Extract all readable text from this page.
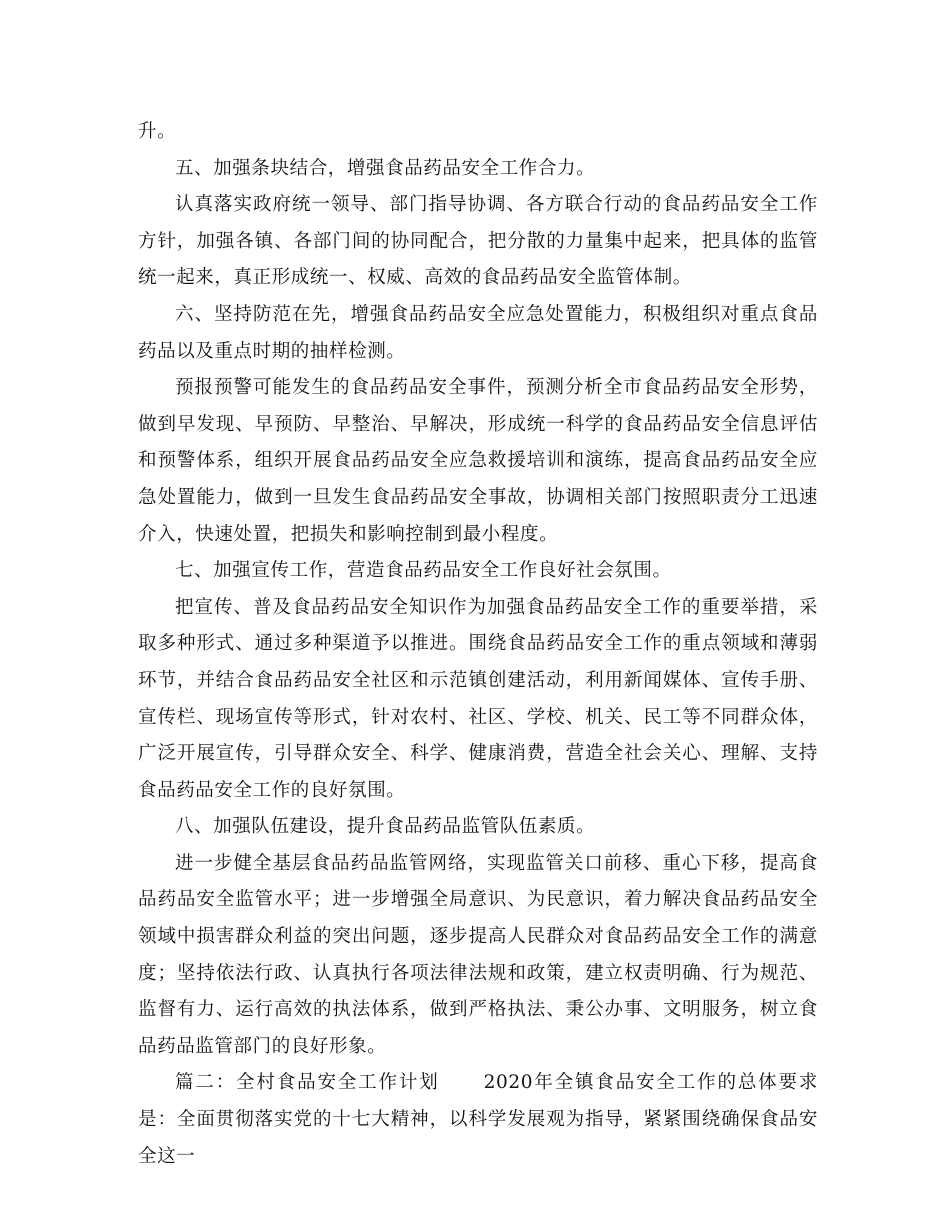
升。

五、加强条块结合，增强食品药品安全工作合力。

认真落实政府统一领导、部门指导协调、各方联合行动的食品药品安全工作方针，加强各镇、各部门间的协同配合，把分散的力量集中起来，把具体的监管统一起来，真正形成统一、权威、高效的食品药品安全监管体制。

六、坚持防范在先，增强食品药品安全应急处置能力，积极组织对重点食品药品以及重点时期的抽样检测。

预报预警可能发生的食品药品安全事件，预测分析全市食品药品安全形势，做到早发现、早预防、早整治、早解决，形成统一科学的食品药品安全信息评估和预警体系，组织开展食品药品安全应急救援培训和演练，提高食品药品安全应急处置能力，做到一旦发生食品药品安全事故，协调相关部门按照职责分工迅速介入，快速处置，把损失和影响控制到最小程度。

七、加强宣传工作，营造食品药品安全工作良好社会氛围。

把宣传、普及食品药品安全知识作为加强食品药品安全工作的重要举措，采取多种形式、通过多种渠道予以推进。围绕食品药品安全工作的重点领域和薄弱环节，并结合食品药品安全社区和示范镇创建活动，利用新闻媒体、宣传手册、宣传栏、现场宣传等形式，针对农村、社区、学校、机关、民工等不同群众体，广泛开展宣传，引导群众安全、科学、健康消费，营造全社会关心、理解、支持食品药品安全工作的良好氛围。

八、加强队伍建设，提升食品药品监管队伍素质。

进一步健全基层食品药品监管网络，实现监管关口前移、重心下移，提高食品药品安全监管水平；进一步增强全局意识、为民意识，着力解决食品药品安全领域中损害群众利益的突出问题，逐步提高人民群众对食品药品安全工作的满意度；坚持依法行政、认真执行各项法律法规和政策，建立权责明确、行为规范、监督有力、运行高效的执法体系，做到严格执法、秉公办事、文明服务，树立食品药品监管部门的良好形象。

篇二：全村食品安全工作计划 2020年全镇食品安全工作的总体要求是：全面贯彻落实党的十七大精神，以科学发展观为指导，紧紧围绕确保食品安全这一
